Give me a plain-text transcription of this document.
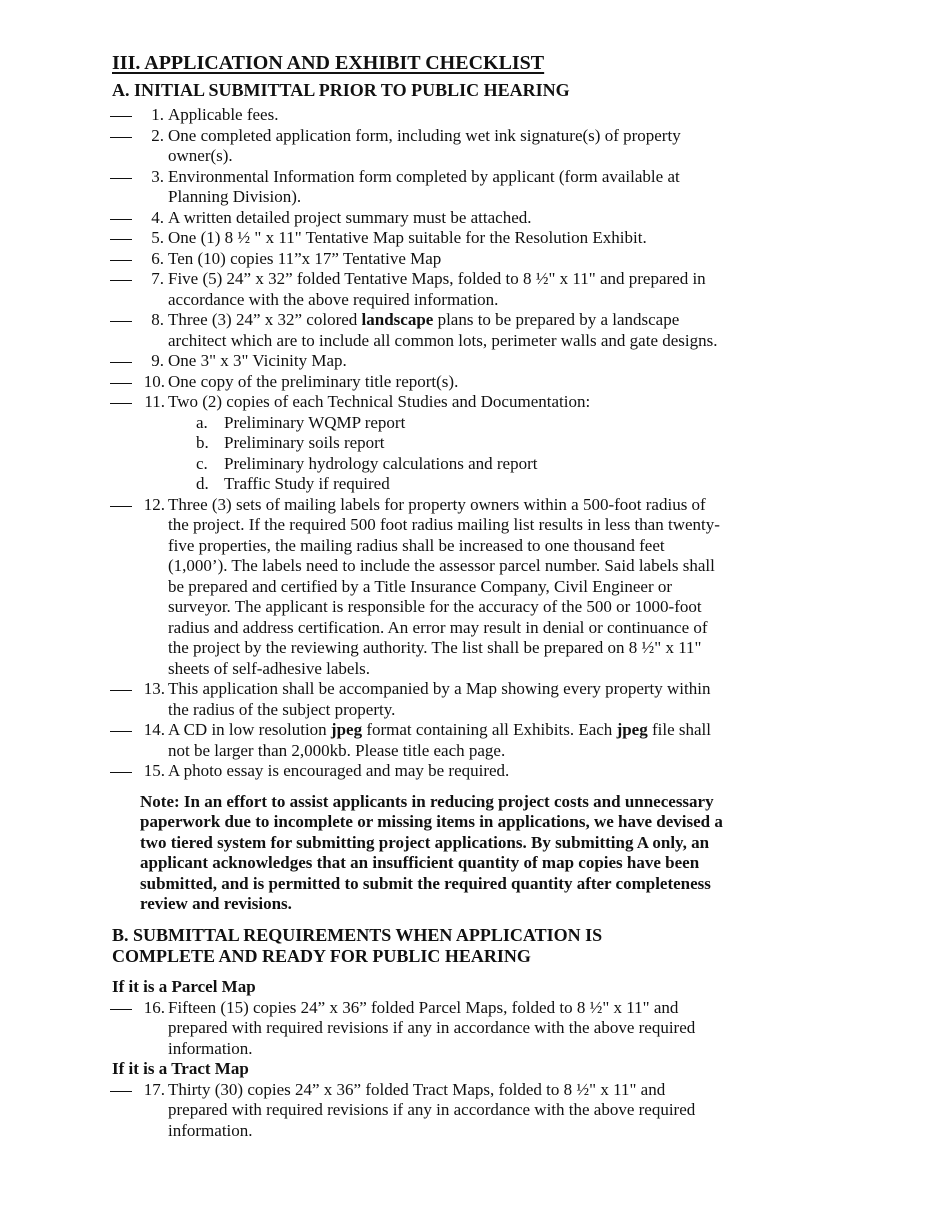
III. APPLICATION AND EXHIBIT CHECKLIST
A. INITIAL SUBMITTAL PRIOR TO PUBLIC HEARING
1. Applicable fees.
2. One completed application form, including wet ink signature(s) of property owner(s).
3. Environmental Information form completed by applicant (form available at Planning Division).
4. A written detailed project summary must be attached.
5. One (1) 8 ½ " x 11" Tentative Map suitable for the Resolution Exhibit.
6. Ten (10) copies 11”x 17” Tentative Map
7. Five (5) 24” x 32” folded Tentative Maps, folded to 8 ½" x 11" and prepared in accordance with the above required information.
8. Three (3) 24” x 32” colored landscape plans to be prepared by a landscape architect which are to include all common lots, perimeter walls and gate designs.
9. One 3" x 3" Vicinity Map.
10. One copy of the preliminary title report(s).
11. Two (2) copies of each Technical Studies and Documentation:
a. Preliminary WQMP report
b. Preliminary soils report
c. Preliminary hydrology calculations and report
d. Traffic Study if required
12. Three (3) sets of mailing labels for property owners within a 500-foot radius of the project. If the required 500 foot radius mailing list results in less than twenty-five properties, the mailing radius shall be increased to one thousand feet (1,000’). The labels need to include the assessor parcel number. Said labels shall be prepared and certified by a Title Insurance Company, Civil Engineer or surveyor. The applicant is responsible for the accuracy of the 500 or 1000-foot radius and address certification. An error may result in denial or continuance of the project by the reviewing authority. The list shall be prepared on 8 ½" x 11" sheets of self-adhesive labels.
13. This application shall be accompanied by a Map showing every property within the radius of the subject property.
14. A CD in low resolution jpeg format containing all Exhibits. Each jpeg file shall not be larger than 2,000kb. Please title each page.
15. A photo essay is encouraged and may be required.

Note: In an effort to assist applicants in reducing project costs and unnecessary paperwork due to incomplete or missing items in applications, we have devised a two tiered system for submitting project applications. By submitting A only, an applicant acknowledges that an insufficient quantity of map copies have been submitted, and is permitted to submit the required quantity after completeness review and revisions.

B. SUBMITTAL REQUIREMENTS WHEN APPLICATION IS COMPLETE AND READY FOR PUBLIC HEARING
If it is a Parcel Map
16. Fifteen (15) copies 24” x 36” folded Parcel Maps, folded to 8 ½" x 11" and prepared with required revisions if any in accordance with the above required information.
If it is a Tract Map
17. Thirty (30) copies 24” x 36” folded Tract Maps, folded to 8 ½" x 11" and prepared with required revisions if any in accordance with the above required information.
